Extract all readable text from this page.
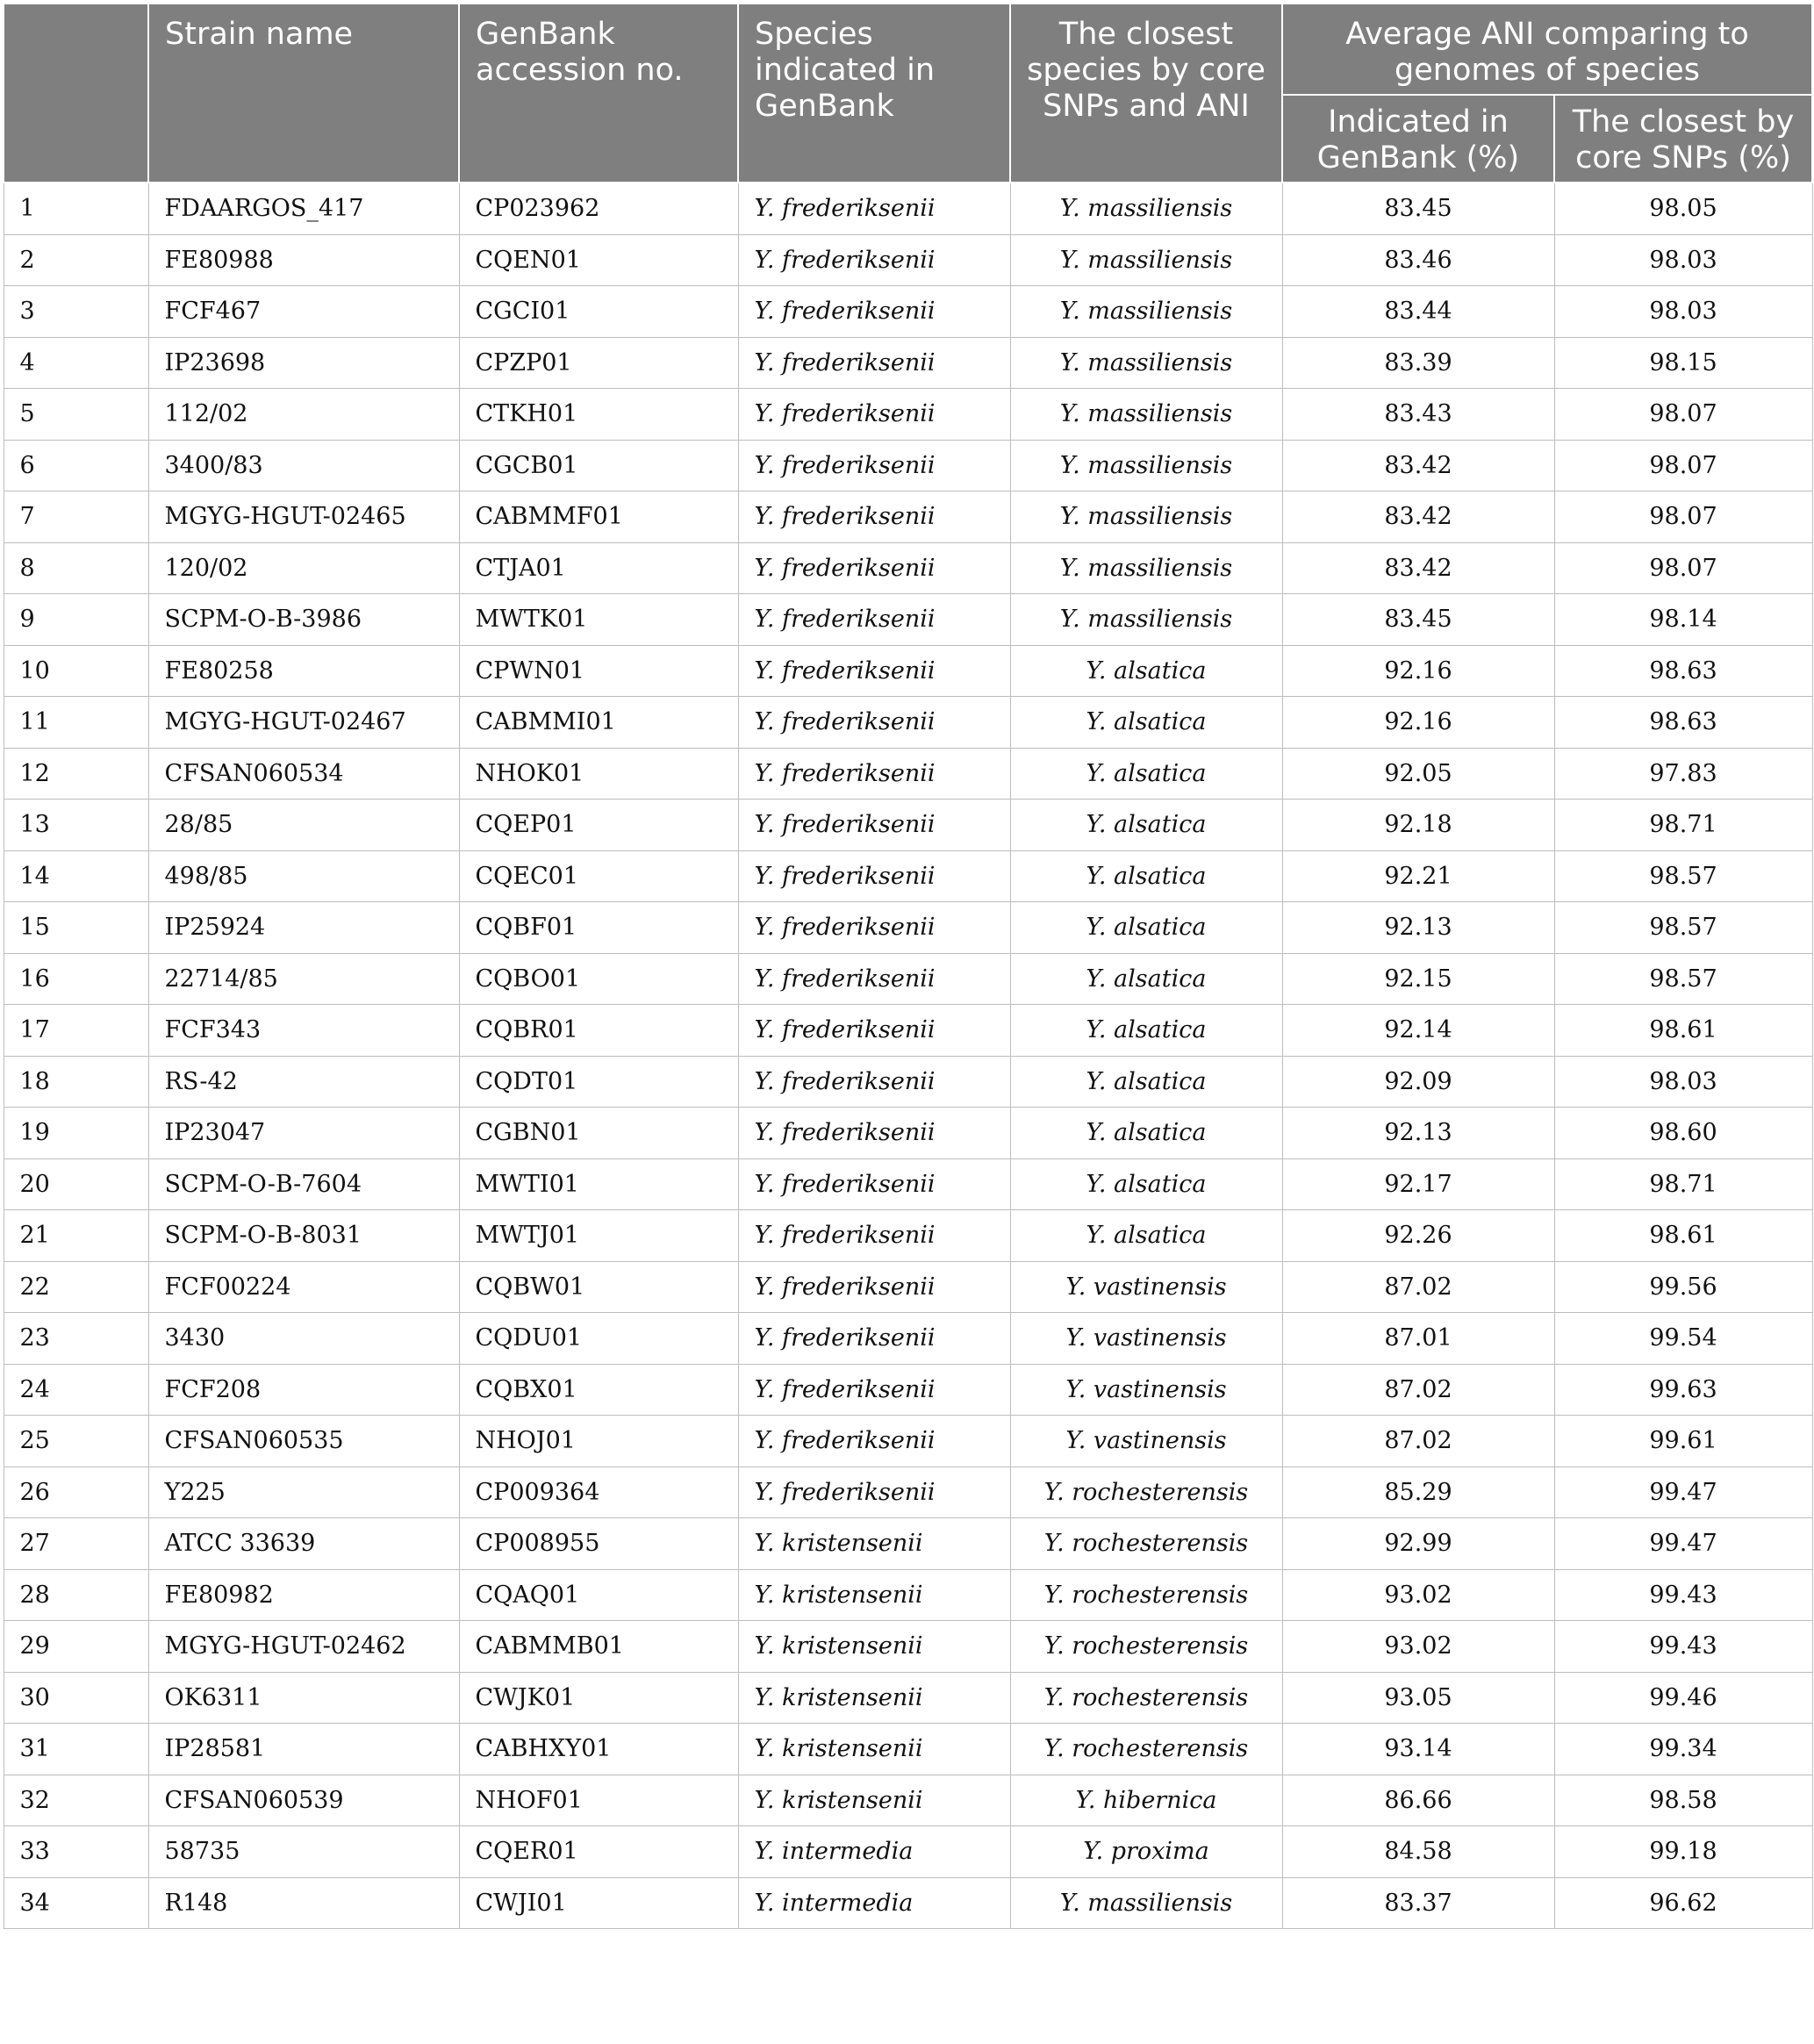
	Strain name	GenBank accession no.	Species indicated in GenBank	The closest species by core SNPs and ANI	Average ANI comparing to genomes of species	
					Indicated in GenBank (%)	The closest by core SNPs (%)
1	FDAARGOS_417	CP023962	Y. frederiksenii	Y. massiliensis	83.45	98.05
2	FE80988	CQEN01	Y. frederiksenii	Y. massiliensis	83.46	98.03
3	FCF467	CGCI01	Y. frederiksenii	Y. massiliensis	83.44	98.03
4	IP23698	CPZP01	Y. frederiksenii	Y. massiliensis	83.39	98.15
5	112/02	CTKH01	Y. frederiksenii	Y. massiliensis	83.43	98.07
6	3400/83	CGCB01	Y. frederiksenii	Y. massiliensis	83.42	98.07
7	MGYG-HGUT-02465	CABMMF01	Y. frederiksenii	Y. massiliensis	83.42	98.07
8	120/02	CTJA01	Y. frederiksenii	Y. massiliensis	83.42	98.07
9	SCPM-O-B-3986	MWTK01	Y. frederiksenii	Y. massiliensis	83.45	98.14
10	FE80258	CPWN01	Y. frederiksenii	Y. alsatica	92.16	98.63
11	MGYG-HGUT-02467	CABMMI01	Y. frederiksenii	Y. alsatica	92.16	98.63
12	CFSAN060534	NHOK01	Y. frederiksenii	Y. alsatica	92.05	97.83
13	28/85	CQEP01	Y. frederiksenii	Y. alsatica	92.18	98.71
14	498/85	CQEC01	Y. frederiksenii	Y. alsatica	92.21	98.57
15	IP25924	CQBF01	Y. frederiksenii	Y. alsatica	92.13	98.57
16	22714/85	CQBO01	Y. frederiksenii	Y. alsatica	92.15	98.57
17	FCF343	CQBR01	Y. frederiksenii	Y. alsatica	92.14	98.61
18	RS-42	CQDT01	Y. frederiksenii	Y. alsatica	92.09	98.03
19	IP23047	CGBN01	Y. frederiksenii	Y. alsatica	92.13	98.60
20	SCPM-O-B-7604	MWTI01	Y. frederiksenii	Y. alsatica	92.17	98.71
21	SCPM-O-B-8031	MWTJ01	Y. frederiksenii	Y. alsatica	92.26	98.61
22	FCF00224	CQBW01	Y. frederiksenii	Y. vastinensis	87.02	99.56
23	3430	CQDU01	Y. frederiksenii	Y. vastinensis	87.01	99.54
24	FCF208	CQBX01	Y. frederiksenii	Y. vastinensis	87.02	99.63
25	CFSAN060535	NHOJ01	Y. frederiksenii	Y. vastinensis	87.02	99.61
26	Y225	CP009364	Y. frederiksenii	Y. rochesterensis	85.29	99.47
27	ATCC 33639	CP008955	Y. kristensenii	Y. rochesterensis	92.99	99.47
28	FE80982	CQAQ01	Y. kristensenii	Y. rochesterensis	93.02	99.43
29	MGYG-HGUT-02462	CABMMB01	Y. kristensenii	Y. rochesterensis	93.02	99.43
30	OK6311	CWJK01	Y. kristensenii	Y. rochesterensis	93.05	99.46
31	IP28581	CABHXY01	Y. kristensenii	Y. rochesterensis	93.14	99.34
32	CFSAN060539	NHOF01	Y. kristensenii	Y. hibernica	86.66	98.58
33	58735	CQER01	Y. intermedia	Y. proxima	84.58	99.18
34	R148	CWJI01	Y. intermedia	Y. massiliensis	83.37	96.62
